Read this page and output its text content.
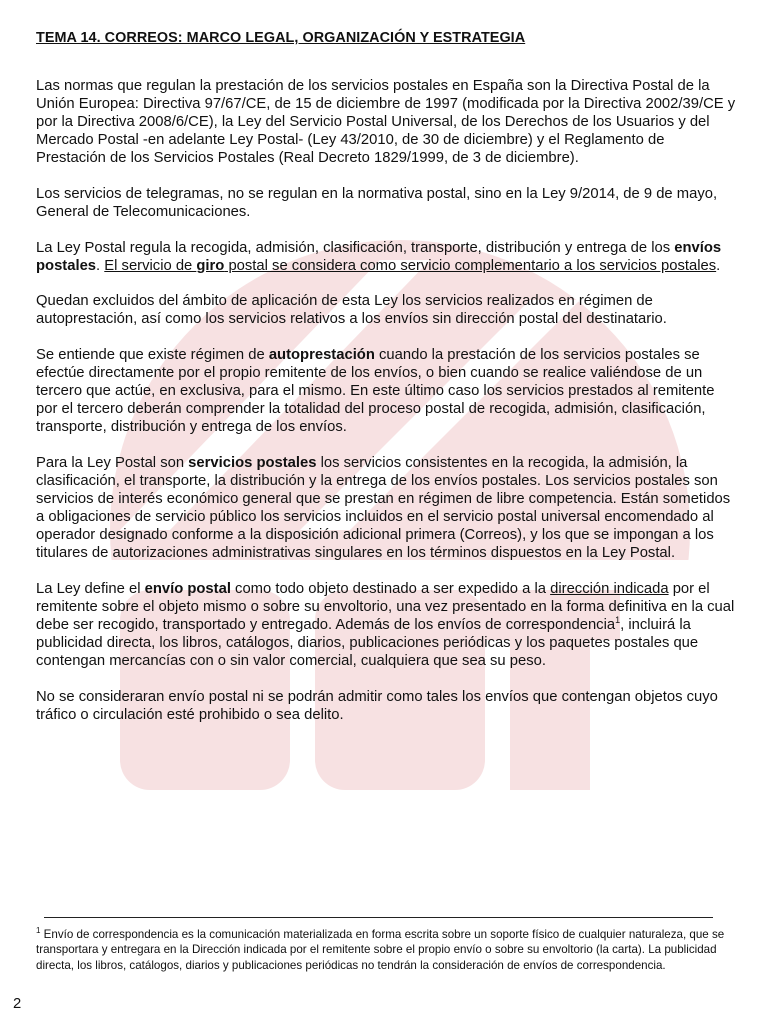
TEMA 14. CORREOS: MARCO LEGAL, ORGANIZACIÓN Y ESTRATEGIA

Las normas que regulan la prestación de los servicios postales en España son la Directiva Postal de la Unión Europea: Directiva 97/67/CE, de 15 de diciembre de 1997 (modificada por la Directiva 2002/39/CE y por la Directiva 2008/6/CE), la Ley del Servicio Postal Universal, de los Derechos de los Usuarios y del Mercado Postal -en adelante Ley Postal- (Ley 43/2010, de 30 de diciembre) y el Reglamento de Prestación de los Servicios Postales (Real Decreto 1829/1999, de 3 de diciembre).

Los servicios de telegramas, no se regulan en la normativa postal, sino en la Ley 9/2014, de 9 de mayo, General de Telecomunicaciones.

La Ley Postal regula la recogida, admisión, clasificación, transporte, distribución y entrega de los envíos postales. El servicio de giro postal se considera como servicio complementario a los servicios postales.

Quedan excluidos del ámbito de aplicación de esta Ley los servicios realizados en régimen de autoprestación, así como los servicios relativos a los envíos sin dirección postal del destinatario.

Se entiende que existe régimen de autoprestación cuando la prestación de los servicios postales se efectúe directamente por el propio remitente de los envíos, o bien cuando se realice valiéndose de un tercero que actúe, en exclusiva, para el mismo. En este último caso los servicios prestados al remitente por el tercero deberán comprender la totalidad del proceso postal de recogida, admisión, clasificación, transporte, distribución y entrega de los envíos.

Para la Ley Postal son servicios postales los servicios consistentes en la recogida, la admisión, la clasificación, el transporte, la distribución y la entrega de los envíos postales. Los servicios postales son servicios de interés económico general que se prestan en régimen de libre competencia. Están sometidos a obligaciones de servicio público los servicios incluidos en el servicio postal universal encomendado al operador designado conforme a la disposición adicional primera (Correos), y los que se impongan a los titulares de autorizaciones administrativas singulares en los términos dispuestos en la Ley Postal.

La Ley define el envío postal como todo objeto destinado a ser expedido a la dirección indicada por el remitente sobre el objeto mismo o sobre su envoltorio, una vez presentado en la forma definitiva en la cual debe ser recogido, transportado y entregado. Además de los envíos de correspondencia$^1$, incluirá la publicidad directa, los libros, catálogos, diarios, publicaciones periódicas y los paquetes postales que contengan mercancías con o sin valor comercial, cualquiera que sea su peso.

No se consideraran envío postal ni se podrán admitir como tales los envíos que contengan objetos cuyo tráfico o circulación esté prohibido o sea delito.

$^1$ Envío de correspondencia es la comunicación materializada en forma escrita sobre un soporte físico de cualquier naturaleza, que se transportara y entregara en la Dirección indicada por el remitente sobre el propio envío o sobre su envoltorio (la carta). La publicidad directa, los libros, catálogos, diarios y publicaciones periódicas no tendrán la consideración de envíos de correspondencia.
2
